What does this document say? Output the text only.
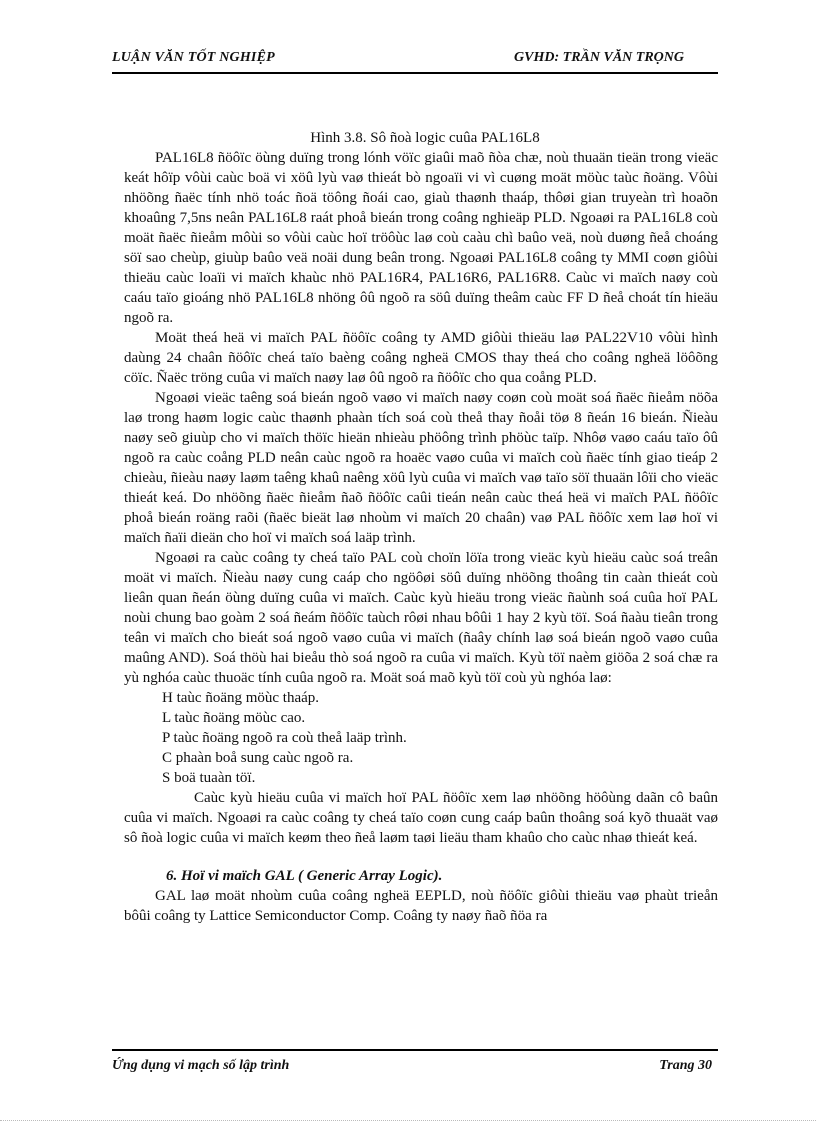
LUẬN VĂN TỐT NGHIỆP	GVHD: TRẦN VĂN TRỌNG

Hình 3.8. Sô ñoà logic cuûa PAL16L8

PAL16L8 ñöôïc öùng duïng trong lónh vöïc giaûi maõ ñòa chæ, noù thuaän tieän trong vieäc keát hôïp vôùi caùc boä vi xöû lyù vaø thieát bò ngoaïi vi vì cuøng moät möùc taùc ñoäng. Vôùi nhöõng ñaëc tính nhö toác ñoä töông ñoái cao, giaù thaønh thaáp, thôøi gian truyeàn trì hoaõn khoaûng 7,5ns neân PAL16L8 raát phoå bieán trong coâng nghieäp PLD. Ngoaøi ra PAL16L8 coù moät ñaëc ñieåm môùi so vôùi caùc hoï tröôùc laø coù caàu chì baûo veä, noù duøng ñeå choáng söï sao cheùp, giuùp baûo veä noäi dung beân trong. Ngoaøi PAL16L8 coâng ty MMI coøn giôùi thieäu caùc loaïi vi maïch khaùc nhö PAL16R4, PAL16R6, PAL16R8. Caùc vi maïch naøy coù caáu taïo gioáng nhö PAL16L8 nhöng ôû ngoõ ra söû duïng theâm caùc FF D ñeå choát tín hieäu ngoõ ra.

Moät theá heä vi maïch PAL ñöôïc coâng ty AMD giôùi thieäu laø PAL22V10 vôùi hình daùng 24 chaân ñöôïc cheá taïo baèng coâng ngheä CMOS thay theá cho coâng ngheä löôõng cöïc. Ñaëc tröng cuûa vi maïch naøy laø ôû ngoõ ra ñöôïc cho qua coång PLD.

Ngoaøi vieäc taêng soá bieán ngoõ vaøo vi maïch naøy coøn coù moät soá ñaëc ñieåm nöõa laø trong haøm logic caùc thaønh phaàn tích soá coù theå thay ñoåi töø 8 ñeán 16 bieán. Ñieàu naøy seõ giuùp cho vi maïch thöïc hieän nhieàu phöông trình phöùc taïp. Nhôø vaøo caáu taïo ôû ngoõ ra caùc coång PLD neân caùc ngoõ ra hoaëc vaøo cuûa vi maïch coù ñaëc tính giao tieáp 2 chieàu, ñieàu naøy laøm taêng khaû naêng xöû lyù cuûa vi maïch vaø taïo söï thuaän lôïi cho vieäc thieát keá. Do nhöõng ñaëc ñieåm ñaõ ñöôïc caûi tieán neân caùc theá heä vi maïch PAL ñöôïc phoå bieán roäng raõi (ñaëc bieät laø nhoùm vi maïch 20 chaân) vaø PAL ñöôïc xem laø hoï vi maïch ñaïi dieän cho hoï vi maïch soá laäp trình.

Ngoaøi ra caùc coâng ty cheá taïo PAL coù choïn löïa trong vieäc kyù hieäu caùc soá treân moät vi maïch. Ñieàu naøy cung caáp cho ngöôøi söû duïng nhöõng thoâng tin caàn thieát coù lieân quan ñeán öùng duïng cuûa vi maïch. Caùc kyù hieäu trong vieäc ñaùnh soá cuûa hoï PAL noùi chung bao goàm 2 soá ñeám ñöôïc taùch rôøi nhau bôûi 1 hay 2 kyù töï. Soá ñaàu tieân trong teân vi maïch cho bieát soá ngoõ vaøo cuûa vi maïch (ñaây chính laø soá bieán ngoõ vaøo cuûa maûng AND). Soá thöù hai bieåu thò soá ngoõ ra cuûa vi maïch. Kyù töï naèm giöõa 2 soá chæ ra yù nghóa caùc thuoäc tính cuûa ngoõ ra. Moät soá maõ kyù töï coù yù nghóa laø:

H taùc ñoäng möùc thaáp.
L taùc ñoäng möùc cao.
P taùc ñoäng ngoõ ra coù theå laäp trình.
C phaàn boå sung caùc ngoõ ra.
S boä tuaàn töï.

Caùc kyù hieäu cuûa vi maïch hoï PAL ñöôïc xem laø nhöõng höôùng daãn cô baûn cuûa vi maïch. Ngoaøi ra caùc coâng ty cheá taïo coøn cung caáp baûn thoâng soá kyõ thuaät vaø sô ñoà logic cuûa vi maïch keøm theo ñeå laøm taøi lieäu tham khaûo cho caùc nhaø thieát keá.

6. Hoï vi maïch GAL ( Generic Array Logic).

GAL laø moät nhoùm cuûa coâng ngheä EEPLD, noù ñöôïc giôùi thieäu vaø phaùt trieån bôûi coâng ty Lattice Semiconductor Comp. Coâng ty naøy ñaõ ñöa ra

Ứng dụng vi mạch số lập trình	Trang 30
